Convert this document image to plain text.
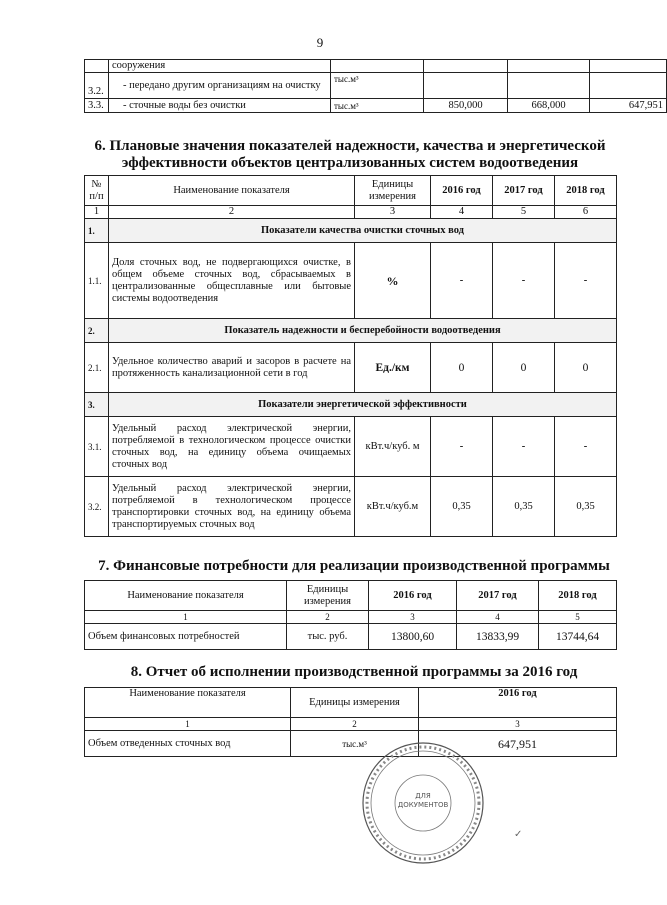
9
	сооружения				
3.2.	- передано другим организациям на очистку	тыс.м³			
3.3.	- сточные воды без очистки	тыс.м³	850,000	668,000	647,951
6. Плановые значения показателей надежности, качества и энергетической
эффективности объектов централизованных систем водоотведения
№ п/п	Наименование показателя	Единицы измерения	2016 год	2017 год	2018 год
1	2	3	4	5	6
1.	Показатели качества очистки сточных вод				
1.1.	Доля сточных вод, не подвергающихся очистке, в общем объеме сточных вод, сбрасываемых в централизованные общесплавные или бытовые системы водоотведения	%	-	-	-
2.	Показатель надежности и бесперебойности водоотведения				
2.1.	Удельное количество аварий и засоров в расчете на протяженность канализационной сети в год	Ед./км	0	0	0
3.	Показатели энергетической эффективности				
3.1.	Удельный расход электрической энергии, потребляемой в технологическом процессе очистки сточных вод, на единицу объема очищаемых сточных вод	кВт.ч/куб. м	-	-	-
3.2.	Удельный расход электрической энергии, потребляемой в технологическом процессе транспортировки сточных вод, на единицу объема транспортируемых сточных вод	кВт.ч/куб.м	0,35	0,35	0,35
7. Финансовые потребности для реализации производственной программы
Наименование показателя	Единицы измерения	2016 год	2017 год	2018 год
1	2	3	4	5
Объем финансовых потребностей	тыс. руб.	13800,60	13833,99	13744,64
8. Отчет об исполнении производственной программы за 2016 год
Наименование показателя	Единицы измерения	2016 год
1	2	3
Объем отведенных сточных вод	тыс.м³	647,951
ДЛЯ
ДОКУМЕНТОВ
✓
